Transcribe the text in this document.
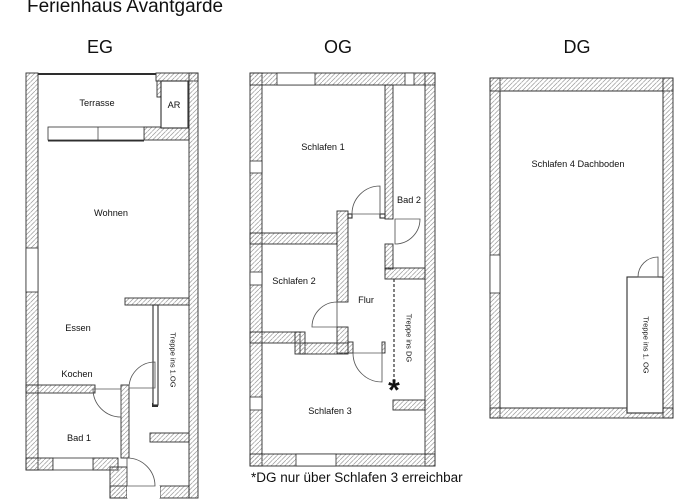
Ferienhaus Avantgarde
EG	OG	DG
Terrasse	AR
Wohnen
Essen
Kochen
Bad 1
Treppe ins 1.OG
Schlafen 1
Bad 2
Schlafen 2
Flur
Schlafen 3
Treppe ins DG
*
Schlafen 4 Dachboden
Treppe ins 1. OG
*DG nur über Schlafen 3 erreichbar
